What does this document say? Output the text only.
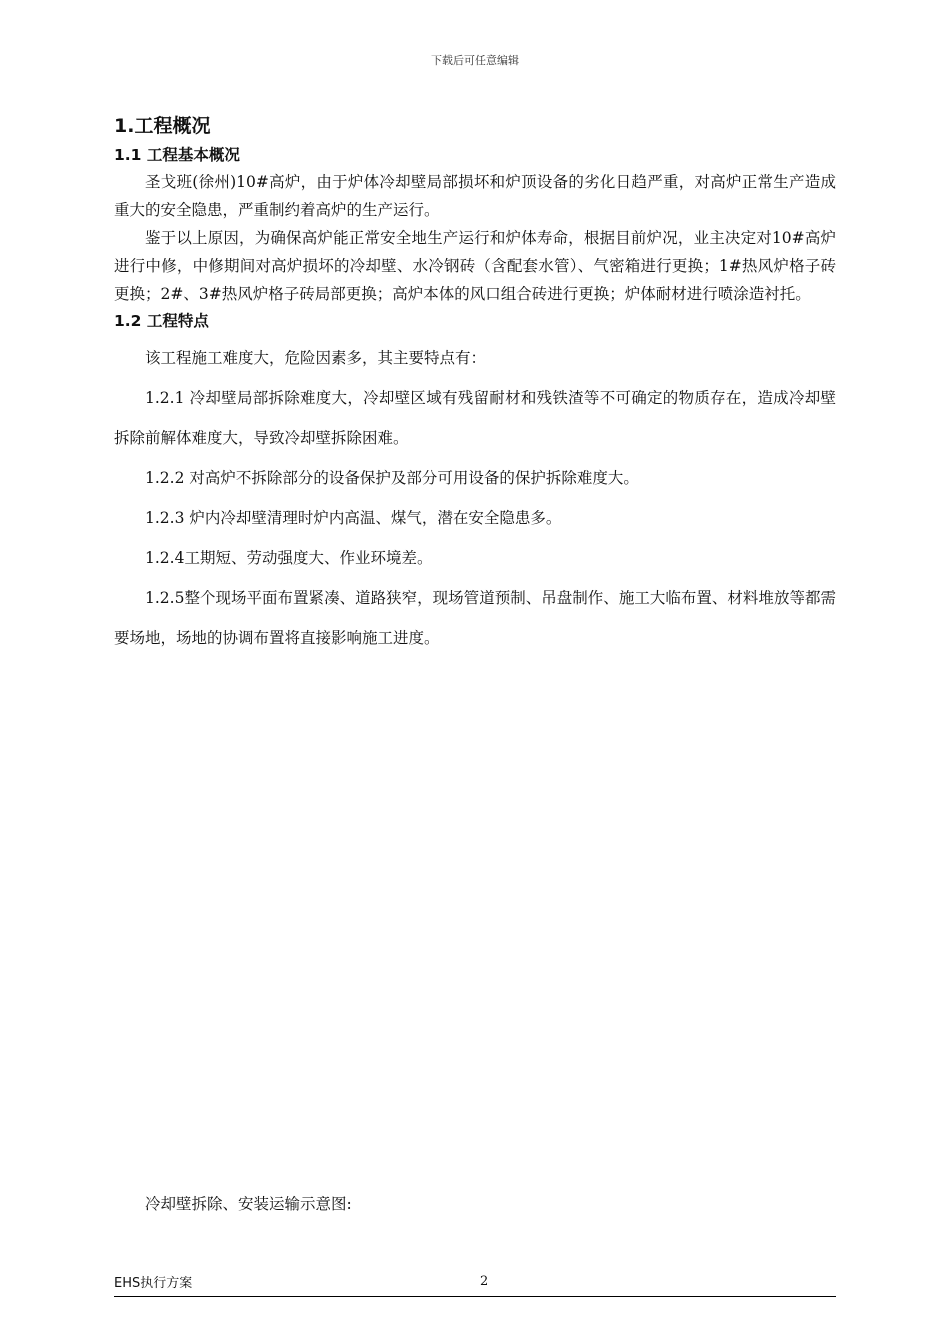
下载后可任意编辑
1.工程概况
1.1 工程基本概况

圣戈班(徐州)10#高炉，由于炉体冷却壁局部损坏和炉顶设备的劣化日趋严重，对高炉正常生产造成重大的安全隐患，严重制约着高炉的生产运行。

鉴于以上原因，为确保高炉能正常安全地生产运行和炉体寿命，根据目前炉况，业主决定对10#高炉进行中修，中修期间对高炉损坏的冷却壁、水冷钢砖（含配套水管）、气密箱进行更换；1#热风炉格子砖更换；2#、3#热风炉格子砖局部更换；高炉本体的风口组合砖进行更换；炉体耐材进行喷涂造衬托。

1.2 工程特点

该工程施工难度大，危险因素多，其主要特点有：

1.2.1 冷却壁局部拆除难度大，冷却壁区域有残留耐材和残铁渣等不可确定的物质存在，造成冷却壁拆除前解体难度大，导致冷却壁拆除困难。

1.2.2 对高炉不拆除部分的设备保护及部分可用设备的保护拆除难度大。

1.2.3 炉内冷却壁清理时炉内高温、煤气，潜在安全隐患多。

1.2.4工期短、劳动强度大、作业环境差。

1.2.5整个现场平面布置紧凑、道路狭窄，现场管道预制、吊盘制作、施工大临布置、材料堆放等都需要场地，场地的协调布置将直接影响施工进度。

冷却壁拆除、安装运输示意图:

EHS执行方案	2
